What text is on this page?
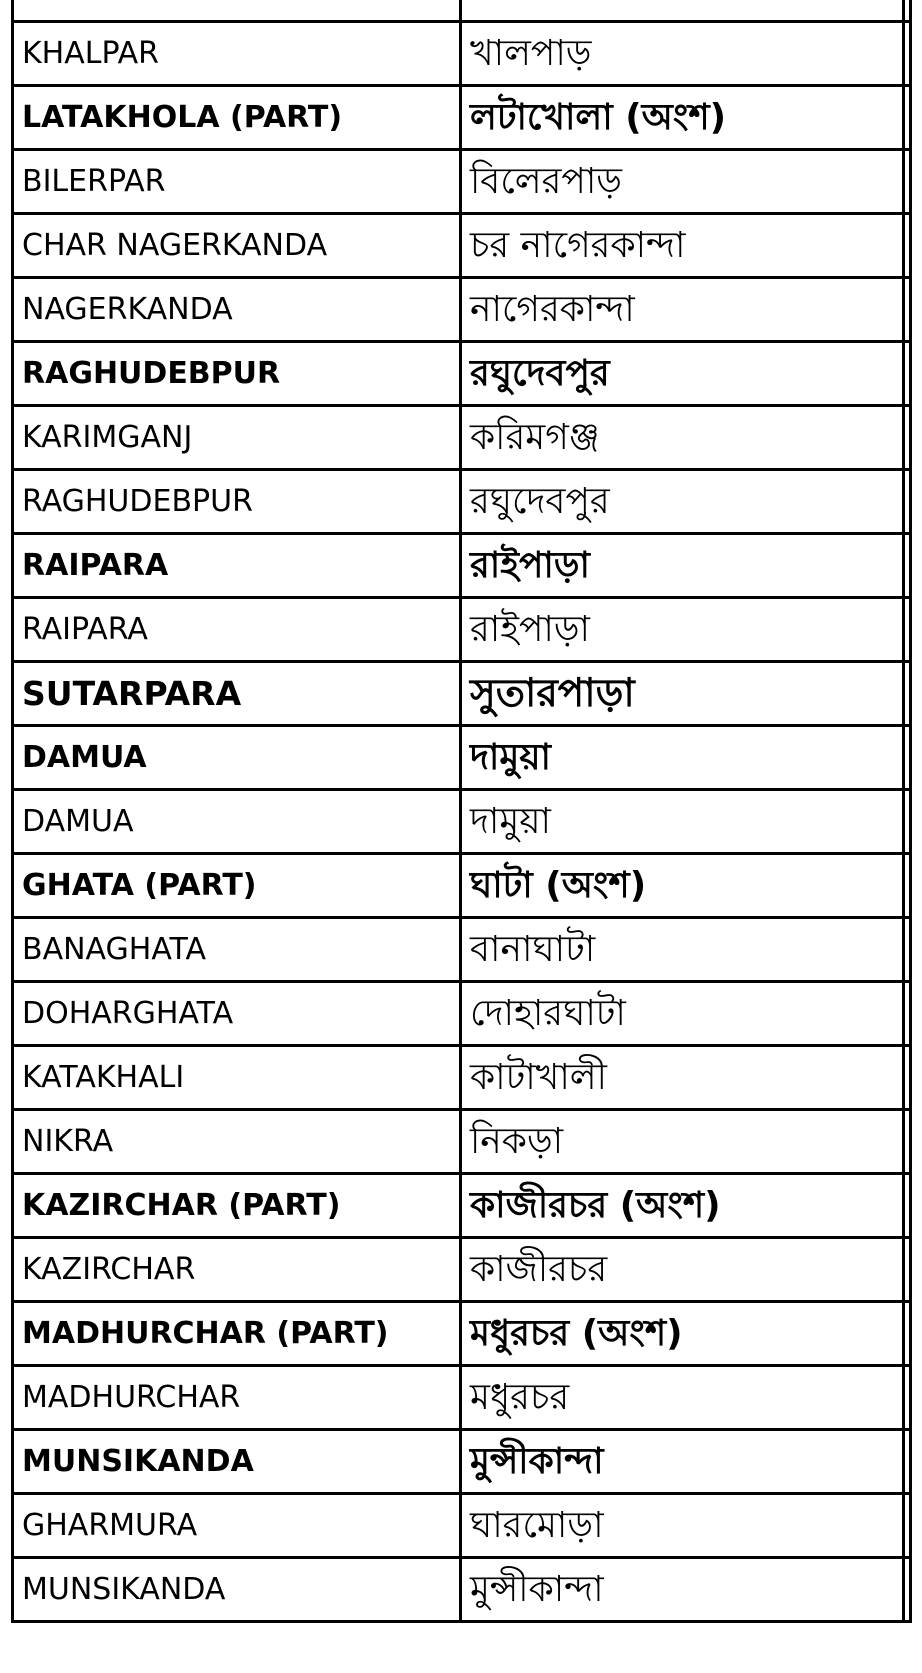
KHALPAR	খালপাড়	
LATAKHOLA (PART)	লটাখোলা (অংশ)	
BILERPAR	বিলেরপাড়	
CHAR NAGERKANDA	চর নাগেরকান্দা	
NAGERKANDA	নাগেরকান্দা	
RAGHUDEBPUR	রঘুদেবপুর	
KARIMGANJ	করিমগঞ্জ	
RAGHUDEBPUR	রঘুদেবপুর	
RAIPARA	রাইপাড়া	
RAIPARA	রাইপাড়া	
SUTARPARA	সুতারপাড়া	
DAMUA	দামুয়া	
DAMUA	দামুয়া	
GHATA (PART)	ঘাটা (অংশ)	
BANAGHATA	বানাঘাটা	
DOHARGHATA	দোহারঘাটা	
KATAKHALI	কাটাখালী	
NIKRA	নিকড়া	
KAZIRCHAR (PART)	কাজীরচর (অংশ)	
KAZIRCHAR	কাজীরচর	
MADHURCHAR (PART)	মধুরচর (অংশ)	
MADHURCHAR	মধুরচর	
MUNSIKANDA	মুন্সীকান্দা	
GHARMURA	ঘারমোড়া	
MUNSIKANDA	মুন্সীকান্দা	
